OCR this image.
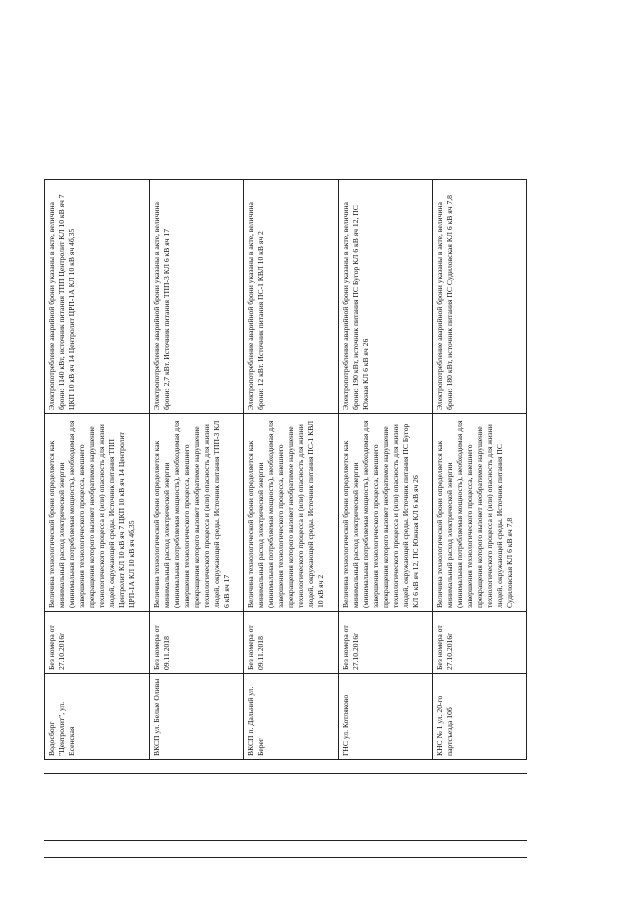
Водосборг "Центролит", ул. Есенская	Без номера от 27.10.2016г	Величина технологической брони определяется как минимальный расход электрической энергии (минимальная потребляемая мощность), необходимая для завершения технологического процесса, внешнего прекращения которого вызовет необратимое нарушение технологического процесса и (или) опасность для жизни людей, окружающей среды. Источник питания ТПП Центролит КЛ 10 кВ яч 7 ЦКП 10 кВ яч 14 Центролит ЦРП-1А КЛ 10 кВ яч 4б,35	Электропотребление аварийной брони указаны в акте, величина брони: 1140 кВт, источник питания ТПП Центролит КЛ 10 кВ яч 7 ЦКП 10 кВ яч 14 Центролит ЦРП-1А КЛ 10 кВ яч 4б,35
ВКСП ул. Белые Оливы	Без номера от 09.11.2018	Величина технологической брони определяется как минимальный расход электрической энергии (минимальная потребляемая мощность), необходимая для завершения технологического процесса, внешнего прекращения которого вызовет необратимое нарушение технологического процесса и (или) опасность для жизни людей, окружающей среды. Источник питания ТПП-3 КЛ 6 кВ яч 17	Электропотребление аварийной брони указаны в акте, величина брони: 2,7 кВт. Источник питания ТПП-3 КЛ 6 кВ яч 17
ВКСП п. Дальний ул. Берег	Без номера от 09.11.2018	Величина технологической брони определяется как минимальный расход электрической энергии (минимальная потребляемая мощность), необходимая для завершения технологического процесса, внешнего прекращения которого вызовет необратимое нарушение технологического процесса и (или) опасность для жизни людей, окружающей среды. Источник питания ПС-1 КВЛ 10 кВ яч 2	Электропотребление аварийной брони указаны в акте, величина брони: 12 кВт. Источник питания ПС-1 КВЛ 10 кВ яч 2
ГНС ул. Котляково	Без номера от 27.10.2016г	Величина технологической брони определяется как минимальный расход электрической энергии (минимальная потребляемая мощность), необходимая для завершения технологического процесса, внешнего прекращения которого вызовет необратимое нарушение технологического процесса и (или) опасность для жизни людей, окружающей среды. Источник питания ПС Бугор КЛ 6 кВ яч 12, ПС Южная КЛ 6 кВ яч 26	Электропотребление аварийной брони указаны в акте, величина брони: 190 кВт, источник питания ПС Бугор КЛ 6 кВ яч 12, ПС Южная КЛ 6 кВ яч 26
КНС № 1 ул. 20-го партсъезда 10б	Без номера от 27.10.2016г	Величина технологической брони определяется как минимальный расход электрической энергии (минимальная потребляемая мощность), необходимая для завершения технологического процесса, внешнего прекращения которого вызовет необратимое нарушение технологического процесса и (или) опасность для жизни людей, окружающей среды. Источник питания ПС Судиловская КЛ 6 кВ яч 7,8	Электропотребление аварийной брони указаны в акте, величина брони: 180 кВт, источник питания ПС Судиловская КЛ 6 кВ яч 7,8
